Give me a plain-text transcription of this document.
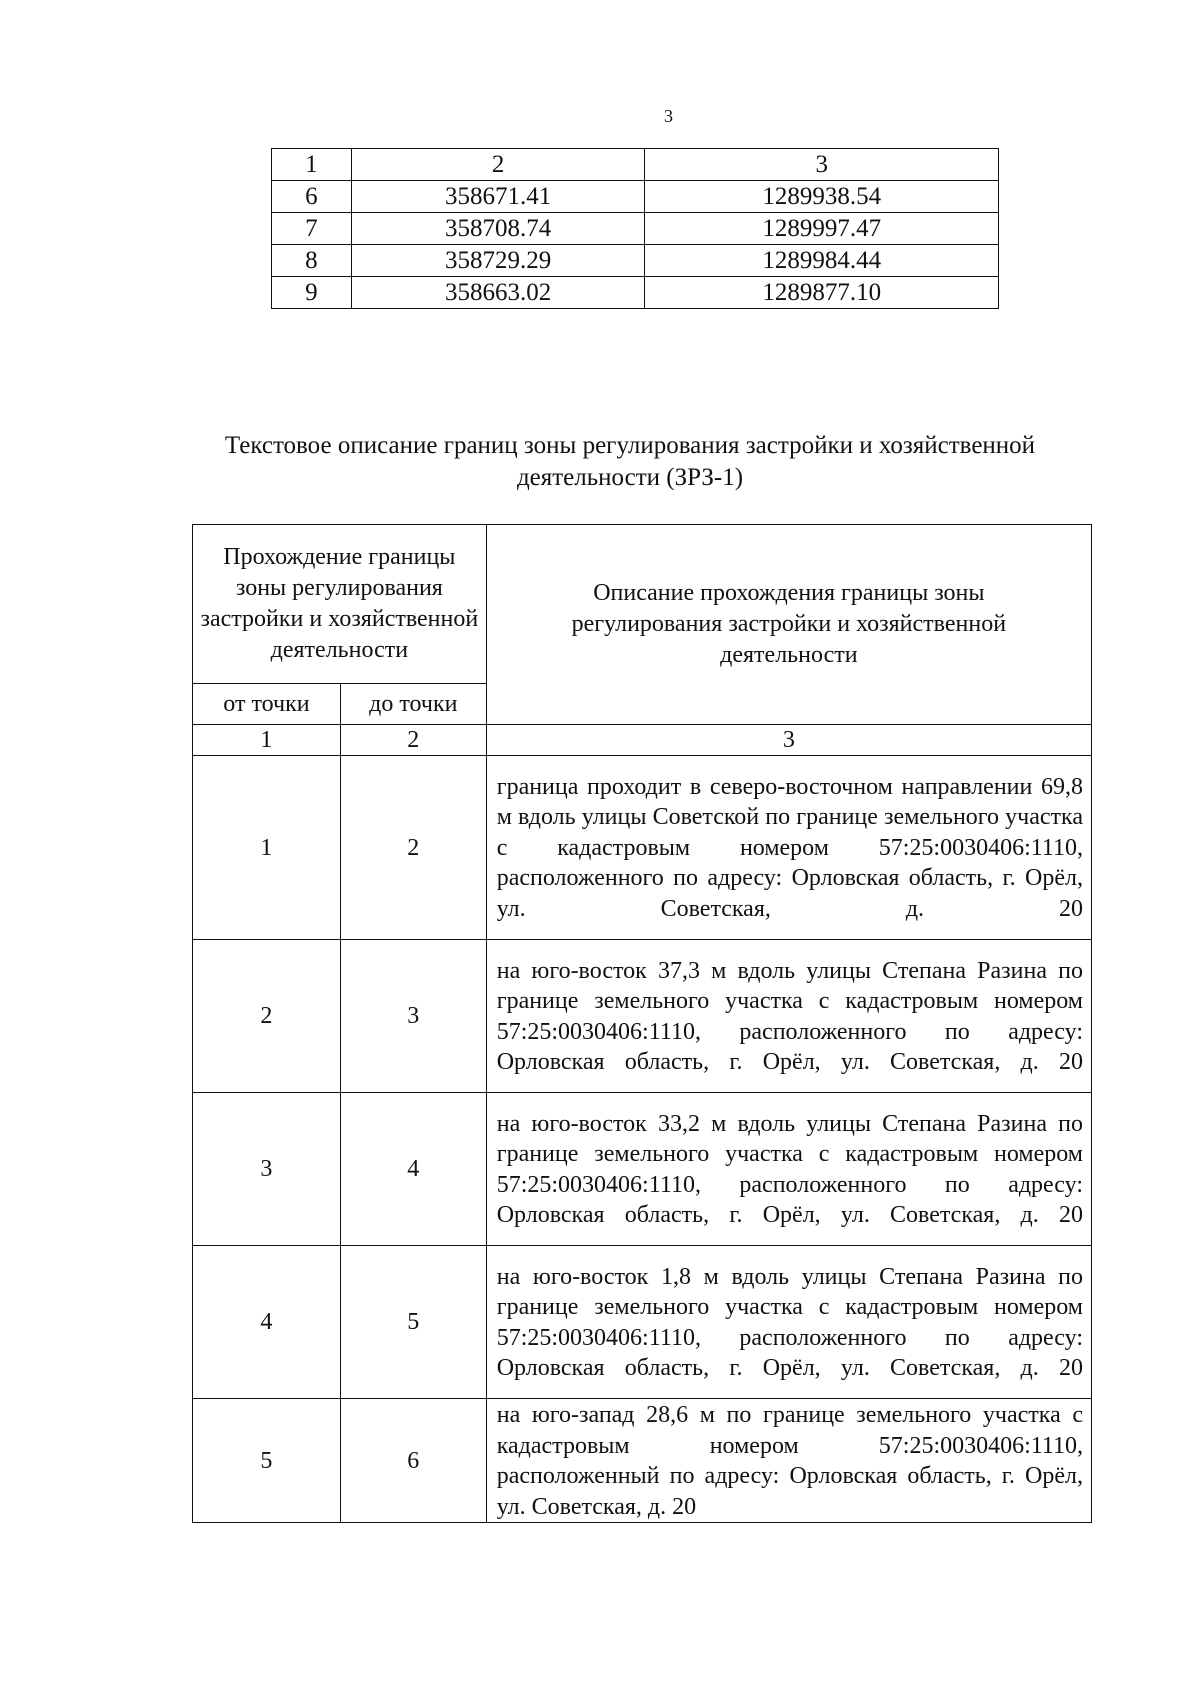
3
1	2	3
6	358671.41	1289938.54
7	358708.74	1289997.47
8	358729.29	1289984.44
9	358663.02	1289877.10
Текстовое описание границ зоны регулирования застройки и хозяйственной деятельности (ЗРЗ-1)
Прохождение границы зоны регулирования застройки и хозяйственной деятельности		Описание прохождения границы зоны регулирования застройки и хозяйственной деятельности
от точки	до точки	
1	2	3
1	2	граница проходит в северо-восточном направлении 69,8 м вдоль улицы Советской по границе земельного участка с кадастровым номером 57:25:0030406:1110, расположенного по адресу: Орловская область, г. Орёл, ул. Советская, д. 20
2	3	на юго-восток 37,3 м вдоль улицы Степана Разина по границе земельного участка с кадастровым номером 57:25:0030406:1110, расположенного по адресу: Орловская область, г. Орёл, ул. Советская, д. 20
3	4	на юго-восток 33,2 м вдоль улицы Степана Разина по границе земельного участка с кадастровым номером 57:25:0030406:1110, расположенного по адресу: Орловская область, г. Орёл, ул. Советская, д. 20
4	5	на юго-восток 1,8 м вдоль улицы Степана Разина по границе земельного участка с кадастровым номером 57:25:0030406:1110, расположенного по адресу: Орловская область, г. Орёл, ул. Советская, д. 20
5	6	на юго-запад 28,6 м по границе земельного участка с кадастровым номером 57:25:0030406:1110, расположенный по адресу: Орловская область, г. Орёл, ул. Советская, д. 20
